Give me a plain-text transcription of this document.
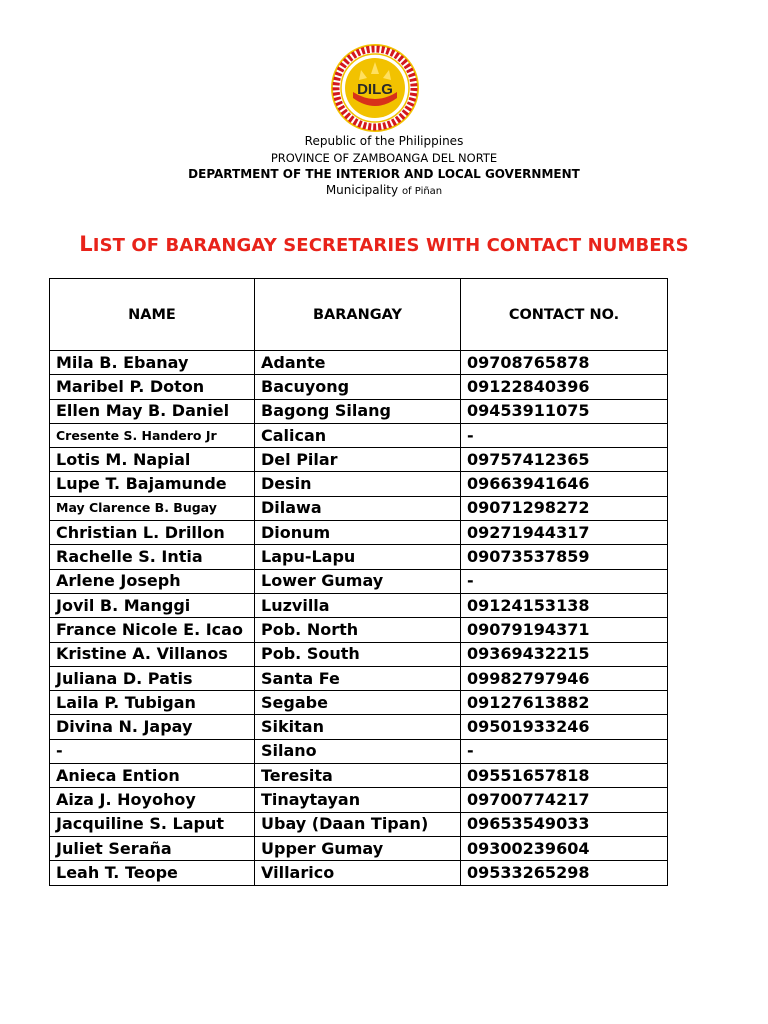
DILG
Republic of the Philippines
PROVINCE OF ZAMBOANGA DEL NORTE
DEPARTMENT OF THE INTERIOR AND LOCAL GOVERNMENT
Municipality of Piñan
LIST OF BARANGAY SECRETARIES WITH CONTACT NUMBERS
NAME	BARANGAY	CONTACT NO.
Mila B. Ebanay	Adante	09708765878
Maribel P. Doton	Bacuyong	09122840396
Ellen May B. Daniel	Bagong Silang	09453911075
Cresente S. Handero Jr	Calican	-
Lotis M. Napial	Del Pilar	09757412365
Lupe T. Bajamunde	Desin	09663941646
May Clarence B. Bugay	Dilawa	09071298272
Christian L. Drillon	Dionum	09271944317
Rachelle S. Intia	Lapu-Lapu	09073537859
Arlene Joseph	Lower Gumay	-
Jovil B. Manggi	Luzvilla	09124153138
France Nicole E. Icao	Pob. North	09079194371
Kristine A. Villanos	Pob. South	09369432215
Juliana D. Patis	Santa Fe	09982797946
Laila P. Tubigan	Segabe	09127613882
Divina N. Japay	Sikitan	09501933246
-	Silano	-
Anieca Ention	Teresita	09551657818
Aiza J. Hoyohoy	Tinaytayan	09700774217
Jacquiline S. Laput	Ubay (Daan Tipan)	09653549033
Juliet Seraña	Upper Gumay	09300239604
Leah T. Teope	Villarico	09533265298
